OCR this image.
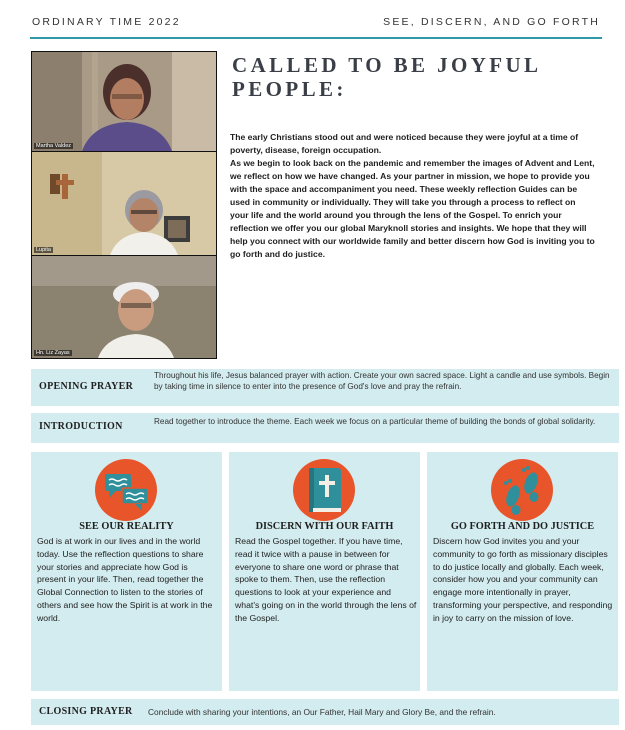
ORDINARY TIME 2022	SEE, DISCERN, AND GO FORTH
Martha Valdez
Lupita
Hn. Liz Zayas
CALLED TO BE JOYFUL PEOPLE:

The early Christians stood out and were noticed because they were joyful at a time of poverty, disease, foreign occupation.

As we begin to look back on the pandemic and remember the images of Advent and Lent, we reflect on how we have changed. As your partner in mission, we hope to provide you with the space and accompaniment you need. These weekly reflection Guides can be used in community or individually. They will take you through a process to reflect on your life and the world around you through the lens of the Gospel. To enrich your reflection we offer you our global Maryknoll stories and insights. We hope that they will help you connect with our worldwide family and better discern how God is inviting you to go forth and do justice.

OPENING PRAYER
Throughout his life, Jesus balanced prayer with action. Create your own sacred space. Light a candle and use symbols. Begin by taking time in silence to enter into the presence of God's love and pray the refrain.
INTRODUCTION	Read together to introduce the theme. Each week we focus on a particular theme of building the bonds of global solidarity.
SEE OUR REALITY
God is at work in our lives and in the world today. Use the reflection questions to share your stories and appreciate how God is present in your life. Then, read together the Global Connection to listen to the stories of others and see how the Spirit is at work in the world.
DISCERN WITH OUR FAITH
Read the Gospel together. If you have time, read it twice with a pause in between for everyone to share one word or phrase that spoke to them. Then, use the reflection questions to look at your experience and what's going on in the world through the lens of the Gospel.
GO FORTH AND DO JUSTICE
Discern how God invites you and your community to go forth as missionary disciples to do justice locally and globally. Each week, consider how you and your community can engage more intentionally in prayer, transforming your perspective, and responding in joy to carry on the mission of love.
CLOSING PRAYER Conclude with sharing your intentions, an Our Father, Hail Mary and Glory Be, and the refrain.
